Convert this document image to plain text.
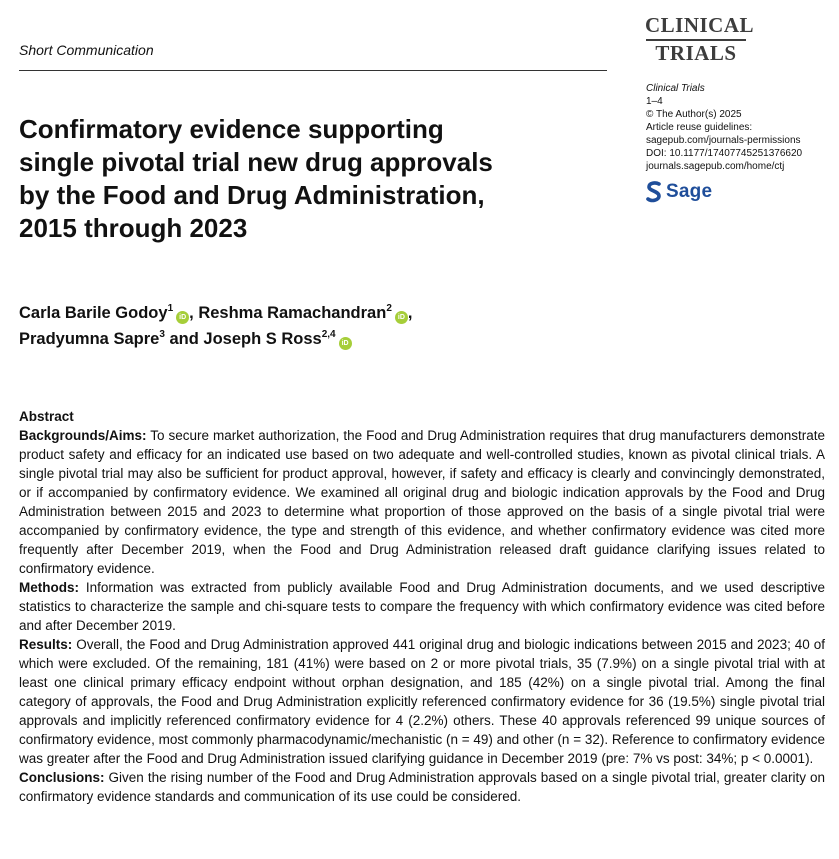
Short Communication
CLINICAL
TRIALS
Clinical Trials
1–4
© The Author(s) 2025
Article reuse guidelines:
sagepub.com/journals-permissions
DOI: 10.1177/17407745251376620
journals.sagepub.com/home/ctj
Sage
Confirmatory evidence supporting
single pivotal trial new drug approvals
by the Food and Drug Administration,
2015 through 2023
Carla Barile Godoy$^1$iD , Reshma Ramachandran$^2$iD ,
Pradyumna Sapre$^3$ and Joseph S Ross$^{2,4}$iD
Abstract

Backgrounds/Aims: To secure market authorization, the Food and Drug Administration requires that drug manufacturers demonstrate product safety and efficacy for an indicated use based on two adequate and well-controlled studies, known as pivotal clinical trials. A single pivotal trial may also be sufficient for product approval, however, if safety and efficacy is clearly and convincingly demonstrated, or if accompanied by confirmatory evidence. We examined all original drug and biologic indication approvals by the Food and Drug Administration between 2015 and 2023 to determine what proportion of those approved on the basis of a single pivotal trial were accompanied by confirmatory evidence, the type and strength of this evidence, and whether confirmatory evidence was cited more frequently after December 2019, when the Food and Drug Administration released draft guidance clarifying issues related to confirmatory evidence.

Methods: Information was extracted from publicly available Food and Drug Administration documents, and we used descriptive statistics to characterize the sample and chi-square tests to compare the frequency with which confirmatory evidence was cited before and after December 2019.

Results: Overall, the Food and Drug Administration approved 441 original drug and biologic indications between 2015 and 2023; 40 of which were excluded. Of the remaining, 181 (41%) were based on 2 or more pivotal trials, 35 (7.9%) on a single pivotal trial with at least one clinical primary efficacy endpoint without orphan designation, and 185 (42%) on a single pivotal trial. Among the final category of approvals, the Food and Drug Administration explicitly referenced confirmatory evidence for 36 (19.5%) single pivotal trial approvals and implicitly referenced confirmatory evidence for 4 (2.2%) others. These 40 approvals referenced 99 unique sources of confirmatory evidence, most commonly pharmacodynamic/mechanistic (n = 49) and other (n = 32). Reference to confirmatory evidence was greater after the Food and Drug Administration issued clarifying guidance in December 2019 (pre: 7% vs post: 34%; p < 0.0001).

Conclusions: Given the rising number of the Food and Drug Administration approvals based on a single pivotal trial, greater clarity on confirmatory evidence standards and communication of its use could be considered.
